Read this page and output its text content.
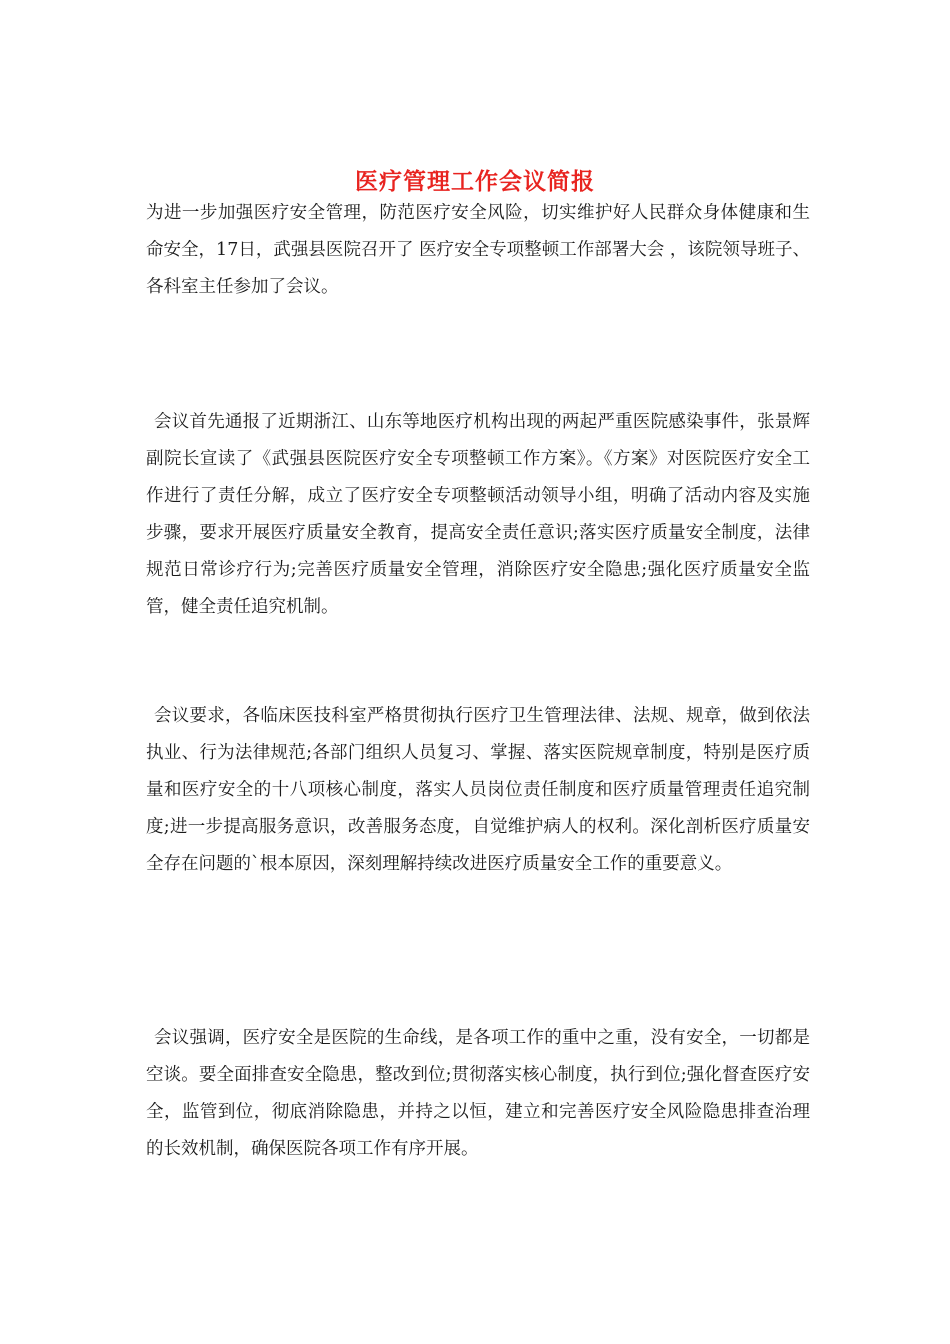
医疗管理工作会议简报

为进一步加强医疗安全管理，防范医疗安全风险，切实维护好人民群众身体健康和生命安全，17日，武强县医院召开了 医疗安全专项整顿工作部署大会 ，该院领导班子、各科室主任参加了会议。

会议首先通报了近期浙江、山东等地医疗机构出现的两起严重医院感染事件，张景辉副院长宣读了《武强县医院医疗安全专项整顿工作方案》。《方案》对医院医疗安全工作进行了责任分解，成立了医疗安全专项整顿活动领导小组，明确了活动内容及实施步骤，要求开展医疗质量安全教育，提高安全责任意识;落实医疗质量安全制度，法律规范日常诊疗行为;完善医疗质量安全管理，消除医疗安全隐患;强化医疗质量安全监管，健全责任追究机制。

会议要求，各临床医技科室严格贯彻执行医疗卫生管理法律、法规、规章，做到依法执业、行为法律规范;各部门组织人员复习、掌握、落实医院规章制度，特别是医疗质量和医疗安全的十八项核心制度，落实人员岗位责任制度和医疗质量管理责任追究制度;进一步提高服务意识，改善服务态度，自觉维护病人的权利。深化剖析医疗质量安全存在问题的`根本原因，深刻理解持续改进医疗质量安全工作的重要意义。

会议强调，医疗安全是医院的生命线，是各项工作的重中之重，没有安全，一切都是空谈。要全面排查安全隐患，整改到位;贯彻落实核心制度，执行到位;强化督查医疗安全，监管到位，彻底消除隐患，并持之以恒，建立和完善医疗安全风险隐患排查治理的长效机制，确保医院各项工作有序开展。
